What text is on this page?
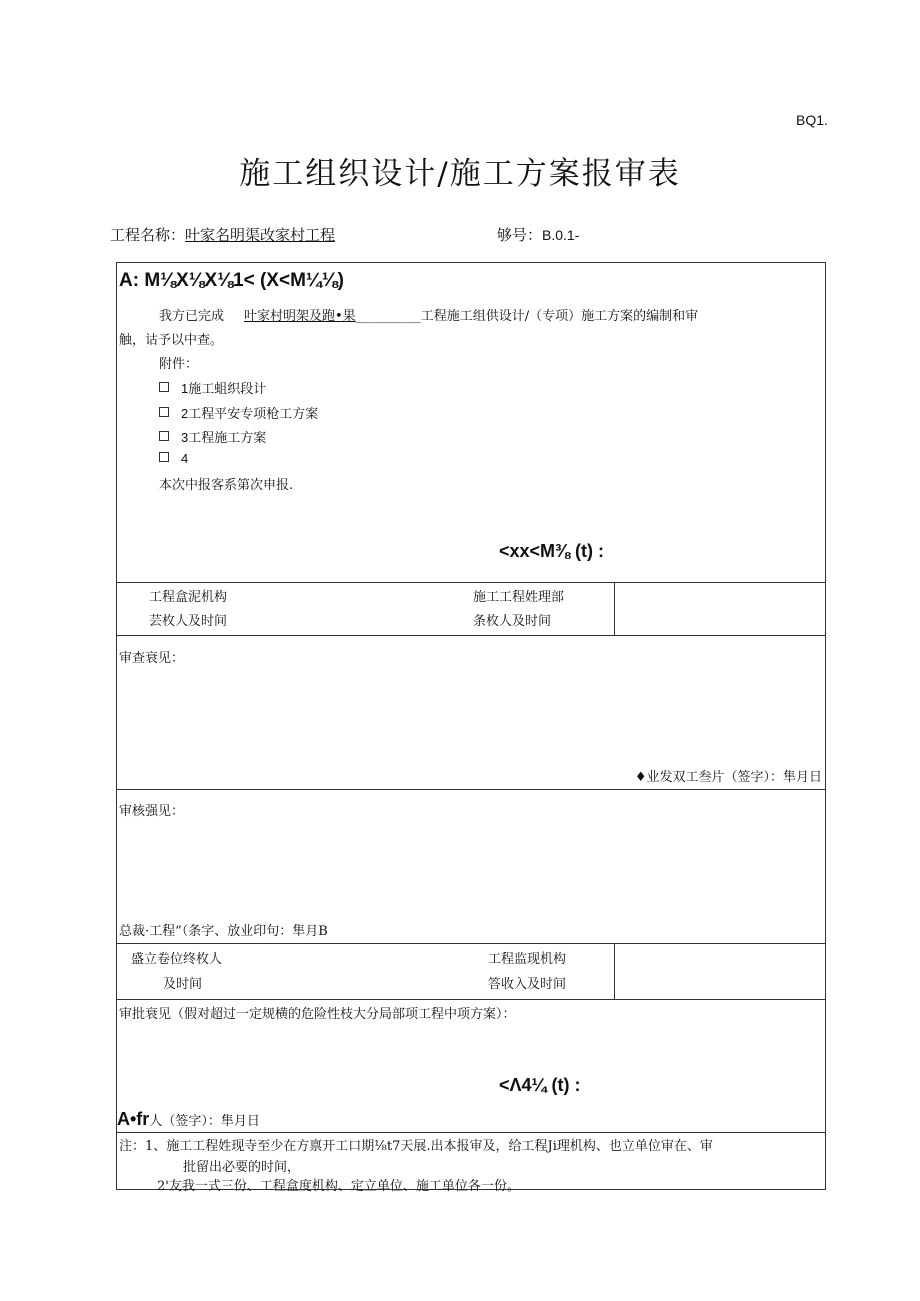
BQ1.
施工组织设计/施工方案报审表
工程名称：叶家名明渠改家村工程	够号：B.0.1-
A: M⅛X⅛X⅛1< (X<M¼⅛)
我方已完成 叶家村明架及跑•果__________工程施工组供设计/（专项）施工方案的编制和审
触，诂予以中查。
附件：
1施工蛆织段计
2工程平安专项枪工方案
3工程施工方案
4
本次中报客系第次申报.
<xx<M⅜ (t) :
工程盒泥机构
芸枚人及时间
施工工程姓理部
条枚人及时间
审查衰见：
♦业发双工叁片（签字）：隼月日
审核强见：
总裁·工程”（条字、放业印句：隼月B
盛立卷位终枚人
及时间
工程监现机构
答收入及时间
审批衰见（假对超过一定规横的危险性枝大分局部项工程中项方案）：
<Λ4¼ (t) :
A•fr人（签字）：隼月日
注：1、施工工程姓现寺至少在方禀开工口期⅛t7天展.出本报审及，给工程Ji理机构、也立单位审在、审
批留出必要的时间，
2'友我一式三份、工程盒度机构、定立单位、施工单位各一份。
